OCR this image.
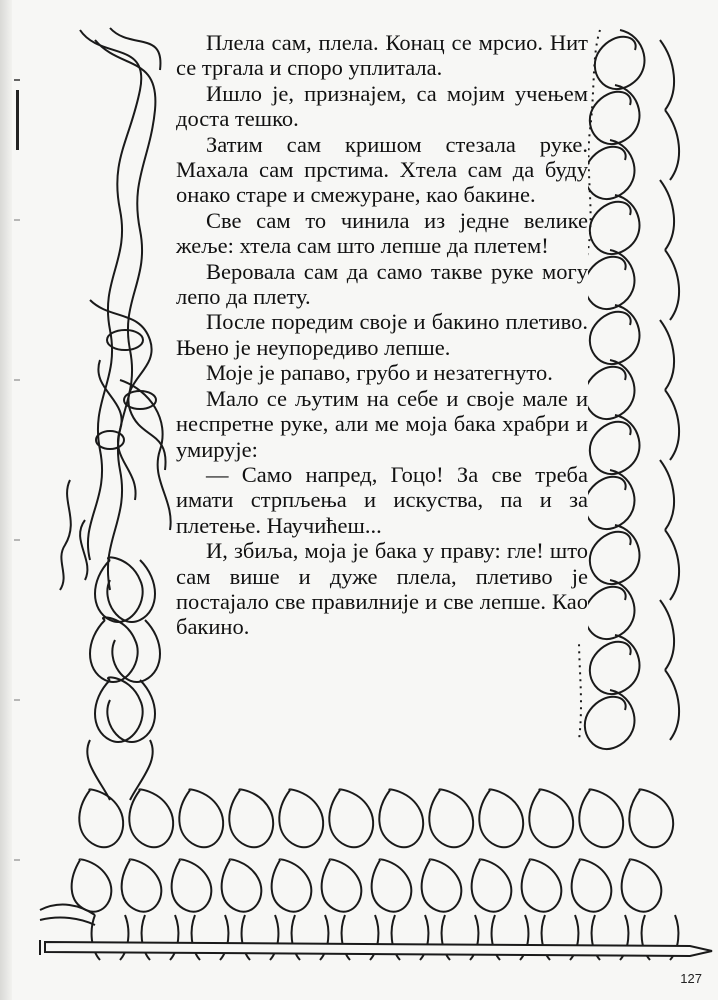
Плела сам, плела. Конац се мрсио. Нит се тргала и споро уплитала.

Ишло је, признајем, са мојим учењем доста тешко.

Затим сам кришом стезала руке. Махала сам прстима. Хтела сам да буду онако старе и смежуране, као бакине.

Све сам то чинила из једне велике жеље: хтела сам што лепше да плетем!

Веровала сам да само такве руке могу лепо да плету.

После поредим своје и бакино плетиво. Њено је неупоредиво лепше.

Моје је рапаво, грубо и незатегнуто.

Мало се љутим на себе и своје мале и неспретне руке, али ме моја бака храбри и умирује:

— Само напред, Гоцо! За све треба имати стрпљења и искуства, па и за плетење. Научићеш...

И, збиља, моја је бака у праву: гле! што сам више и дуже плела, плетиво је постајало све правилније и све лепше. Као бакино.

127
